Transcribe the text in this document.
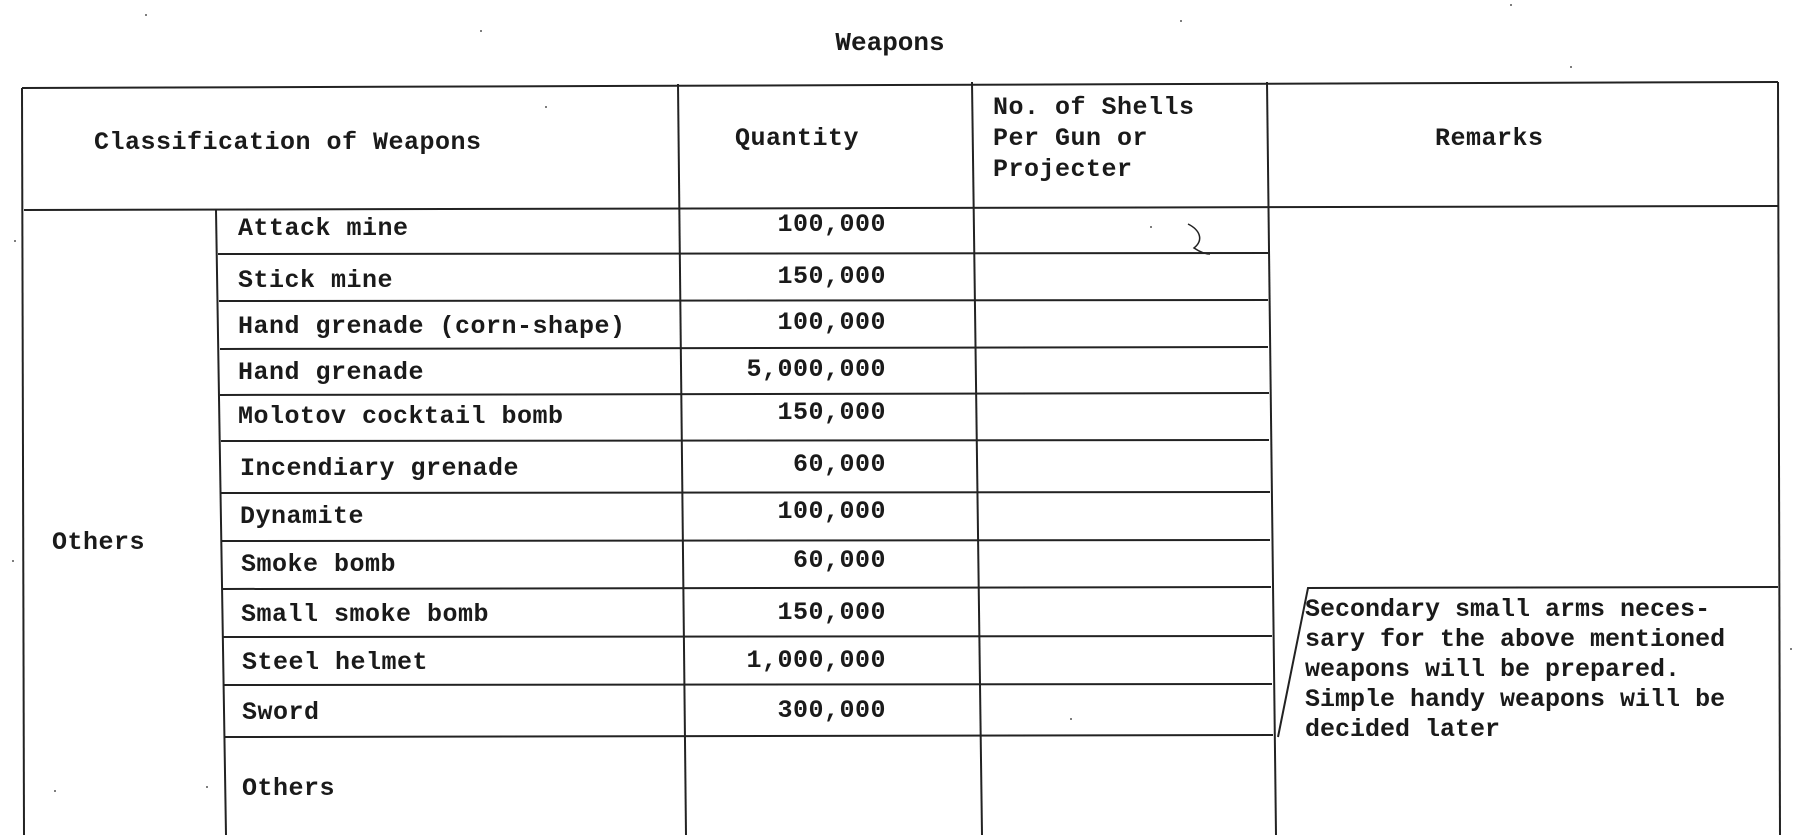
Weapons
Classification of Weapons	Quantity
No. of Shells Per Gun or Projecter
Remarks
Others
Attack mine
Stick mine
Hand grenade (corn-shape)
Hand grenade
Molotov cocktail bomb
Incendiary grenade
Dynamite
Smoke bomb
Small smoke bomb
Steel helmet
Sword
Others
100,000
150,000
100,000
5,000,000
150,000
60,000
100,000
60,000
150,000
1,000,000
300,000
Secondary small arms neces- sary for the above mentioned weapons will be prepared. Simple handy weapons will be decided later
